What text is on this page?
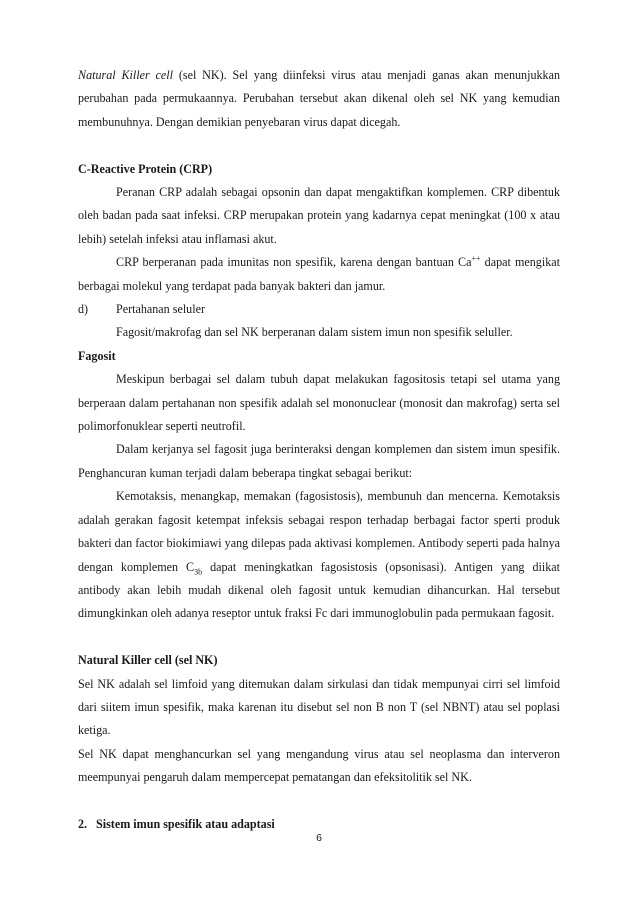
Natural Killer cell (sel NK). Sel yang diinfeksi virus atau menjadi ganas akan menunjukkan perubahan pada permukaannya. Perubahan tersebut akan dikenal oleh sel NK yang kemudian membunuhnya. Dengan demikian penyebaran virus dapat dicegah.

C-Reactive Protein (CRP)

Peranan CRP adalah sebagai opsonin dan dapat mengaktifkan komplemen. CRP dibentuk oleh badan pada saat infeksi. CRP merupakan protein yang kadarnya cepat meningkat (100 x atau lebih) setelah infeksi atau inflamasi akut.

CRP berperanan pada imunitas non spesifik, karena dengan bantuan Ca++ dapat mengikat berbagai molekul yang terdapat pada banyak bakteri dan jamur.

d)	Pertahanan seluler

Fagosit/makrofag dan sel NK berperanan dalam sistem imun non spesifik seluller.

Fagosit

Meskipun berbagai sel dalam tubuh dapat melakukan fagositosis tetapi sel utama yang berperaan dalam pertahanan non spesifik adalah sel mononuclear (monosit dan makrofag) serta sel polimorfonuklear seperti neutrofil.

Dalam kerjanya sel fagosit juga berinteraksi dengan komplemen dan sistem imun spesifik. Penghancuran kuman terjadi dalam beberapa tingkat sebagai berikut:

Kemotaksis, menangkap, memakan (fagosistosis), membunuh dan mencerna. Kemotaksis adalah gerakan fagosit ketempat infeksis sebagai respon terhadap berbagai factor sperti produk bakteri dan factor biokimiawi yang dilepas pada aktivasi komplemen. Antibody seperti pada halnya dengan komplemen $C_{3b}$ dapat meningkatkan fagosistosis (opsonisasi). Antigen yang diikat antibody akan lebih mudah dikenal oleh fagosit untuk kemudian dihancurkan. Hal tersebut dimungkinkan oleh adanya reseptor untuk fraksi Fc dari immunoglobulin pada permukaan fagosit.

Natural Killer cell (sel NK)

Sel NK adalah sel limfoid yang ditemukan dalam sirkulasi dan tidak mempunyai cirri sel limfoid dari siitem imun spesifik, maka karenan itu disebut sel non B non T (sel NBNT) atau sel poplasi ketiga.

Sel NK dapat menghancurkan sel yang mengandung virus atau sel neoplasma dan interveron meempunyai pengaruh dalam mempercepat pematangan dan efeksitolitik sel NK.

2. Sistem imun spesifik atau adaptasi
6
